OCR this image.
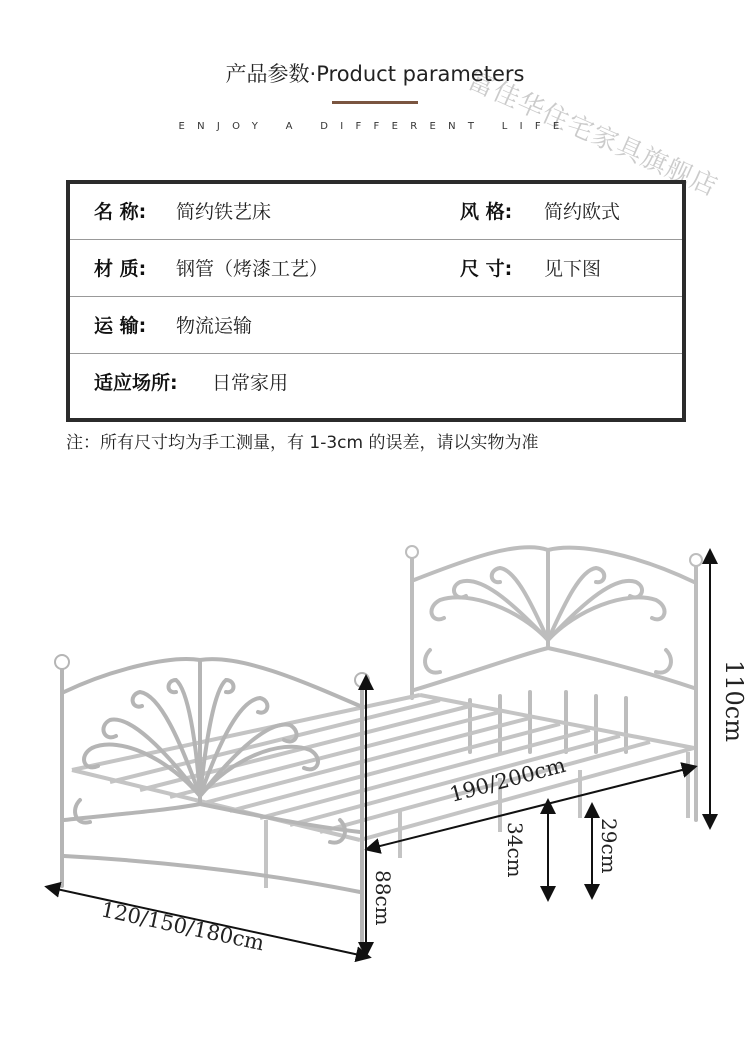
富佳华住宅家具旗舰店
产品参数·Product parameters
ENJOY A DIFFERENT LIFE
名 称: 简约铁艺床	风 格: 简约欧式
材 质: 钢管（烤漆工艺）	尺 寸: 见下图
运 输: 物流运输
适应场所: 日常家用
注：所有尺寸均为手工测量，有 1-3cm 的误差，请以实物为准
110cm
190/200cm
34cm	29cm
88cm
120/150/180cm
